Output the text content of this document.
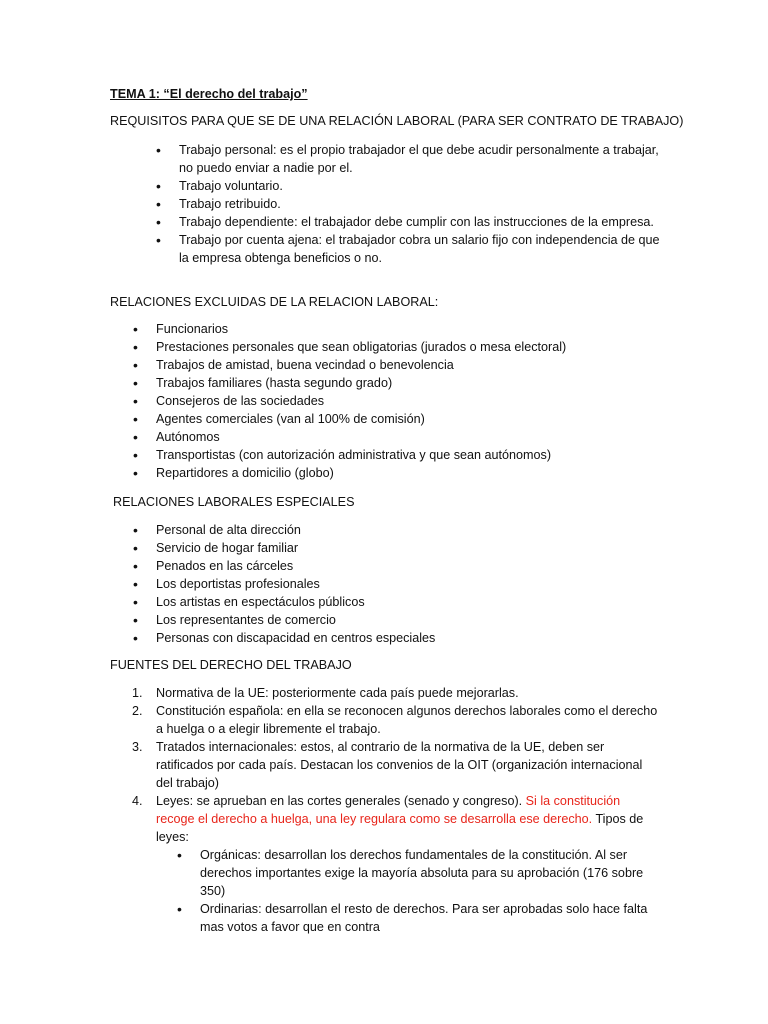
TEMA 1: “El derecho del trabajo”
REQUISITOS PARA QUE SE DE UNA RELACIÓN LABORAL (PARA SER CONTRATO DE TRABAJO)
• Trabajo personal: es el propio trabajador el que debe acudir personalmente a trabajar, no puedo enviar a nadie por el.
• Trabajo voluntario.
• Trabajo retribuido.
• Trabajo dependiente: el trabajador debe cumplir con las instrucciones de la empresa.
• Trabajo por cuenta ajena: el trabajador cobra un salario fijo con independencia de que la empresa obtenga beneficios o no.
RELACIONES EXCLUIDAS DE LA RELACION LABORAL:
• Funcionarios
• Prestaciones personales que sean obligatorias (jurados o mesa electoral)
• Trabajos de amistad, buena vecindad o benevolencia
• Trabajos familiares (hasta segundo grado)
• Consejeros de las sociedades
• Agentes comerciales (van al 100% de comisión)
• Autónomos
• Transportistas (con autorización administrativa y que sean autónomos)
• Repartidores a domicilio (globo)
RELACIONES LABORALES ESPECIALES
• Personal de alta dirección
• Servicio de hogar familiar
• Penados en las cárceles
• Los deportistas profesionales
• Los artistas en espectáculos públicos
• Los representantes de comercio
• Personas con discapacidad en centros especiales
FUENTES DEL DERECHO DEL TRABAJO
1. Normativa de la UE: posteriormente cada país puede mejorarlas.
2. Constitución española: en ella se reconocen algunos derechos laborales como el derecho a huelga o a elegir libremente el trabajo.
3. Tratados internacionales: estos, al contrario de la normativa de la UE, deben ser ratificados por cada país. Destacan los convenios de la OIT (organización internacional del trabajo)
4. Leyes: se aprueban en las cortes generales (senado y congreso). Si la constitución recoge el derecho a huelga, una ley regulara como se desarrolla ese derecho. Tipos de leyes:
• Orgánicas: desarrollan los derechos fundamentales de la constitución. Al ser derechos importantes exige la mayoría absoluta para su aprobación (176 sobre 350)
• Ordinarias: desarrollan el resto de derechos. Para ser aprobadas solo hace falta mas votos a favor que en contra
